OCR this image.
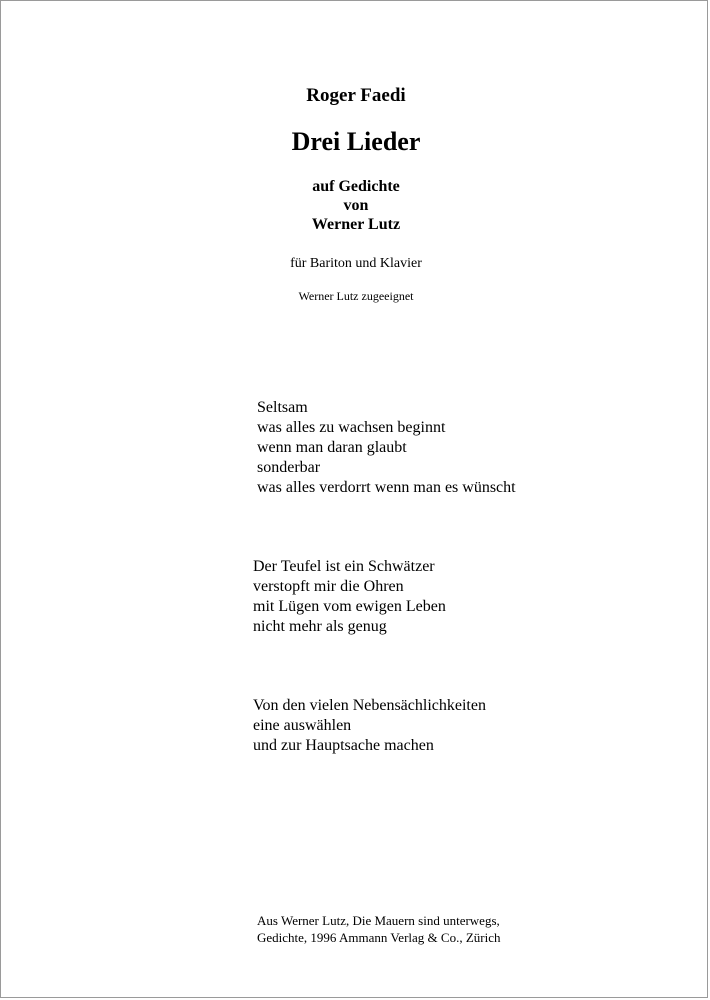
Roger Faedi
Drei Lieder
auf Gedichte
von
Werner Lutz
für Bariton und Klavier
Werner Lutz zugeeignet
Seltsam
was alles zu wachsen beginnt
wenn man daran glaubt
sonderbar
was alles verdorrt wenn man es wünscht
Der Teufel ist ein Schwätzer
verstopft mir die Ohren
mit Lügen vom ewigen Leben
nicht mehr als genug
Von den vielen Nebensächlichkeiten
eine auswählen
und zur Hauptsache machen
Aus Werner Lutz, Die Mauern sind unterwegs,
Gedichte, 1996 Ammann Verlag & Co., Zürich
